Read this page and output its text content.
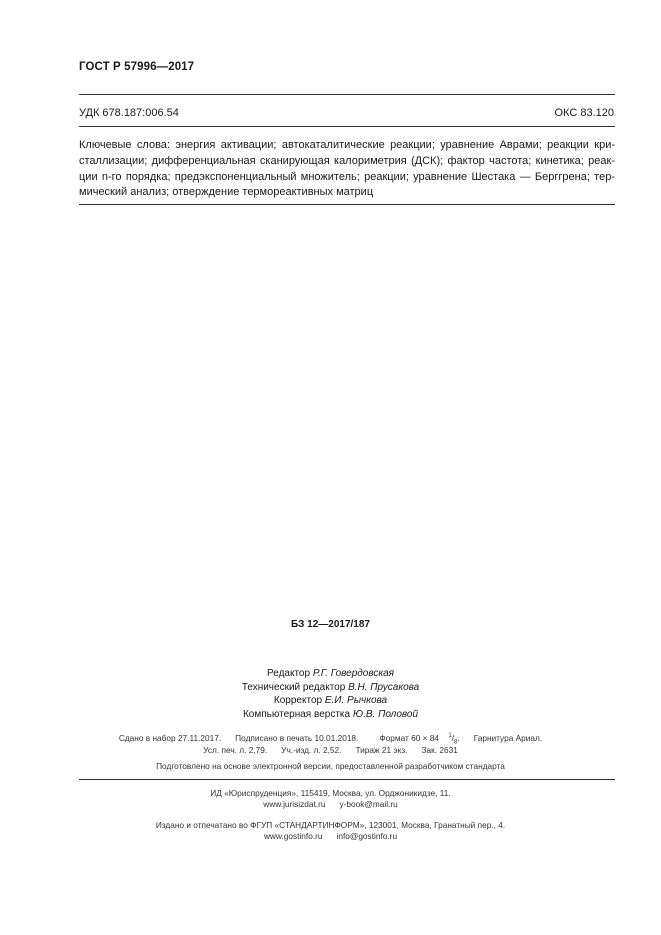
ГОСТ Р 57996—2017
УДК 678.187:006.54	ОКС 83.120
Ключевые слова: энергия активации; автокаталитические реакции; уравнение Аврами; реакции кри-
сталлизации; дифференциальная сканирующая калориметрия (ДСК); фактор частота; кинетика; реак-
ции n-го порядка; предэкспоненциальный множитель; реакции; уравнение Шестака — Берггрена; тер-
мический анализ; отверждение термореактивных матриц
БЗ 12—2017/187
Редактор Р.Г. Говердовская
Технический редактор В.Н. Прусакова
Корректор Е.И. Рычкова
Компьютерная верстка Ю.В. Половой
Сдано в набор 27.11.2017. Подписано в печать 10.01.2018.	Формат 60 × 84 $^1/_8$. Гарнитура Ариал.
Усл. печ. л. 2,79. Уч.-изд. л. 2,52. Тираж 21 экз. Зак. 2631
Подготовлено на основе электронной версии, предоставленной разработчиком стандарта
ИД «Юриспруденция», 115419, Москва, ул. Орджоникидзе, 11.
www.jurisizdat.ru y-book@mail.ru
Издано и отпечатано во ФГУП «СТАНДАРТИНФОРМ», 123001, Москва, Гранатный пер., 4.
www.gostinfo.ru info@gostinfo.ru
